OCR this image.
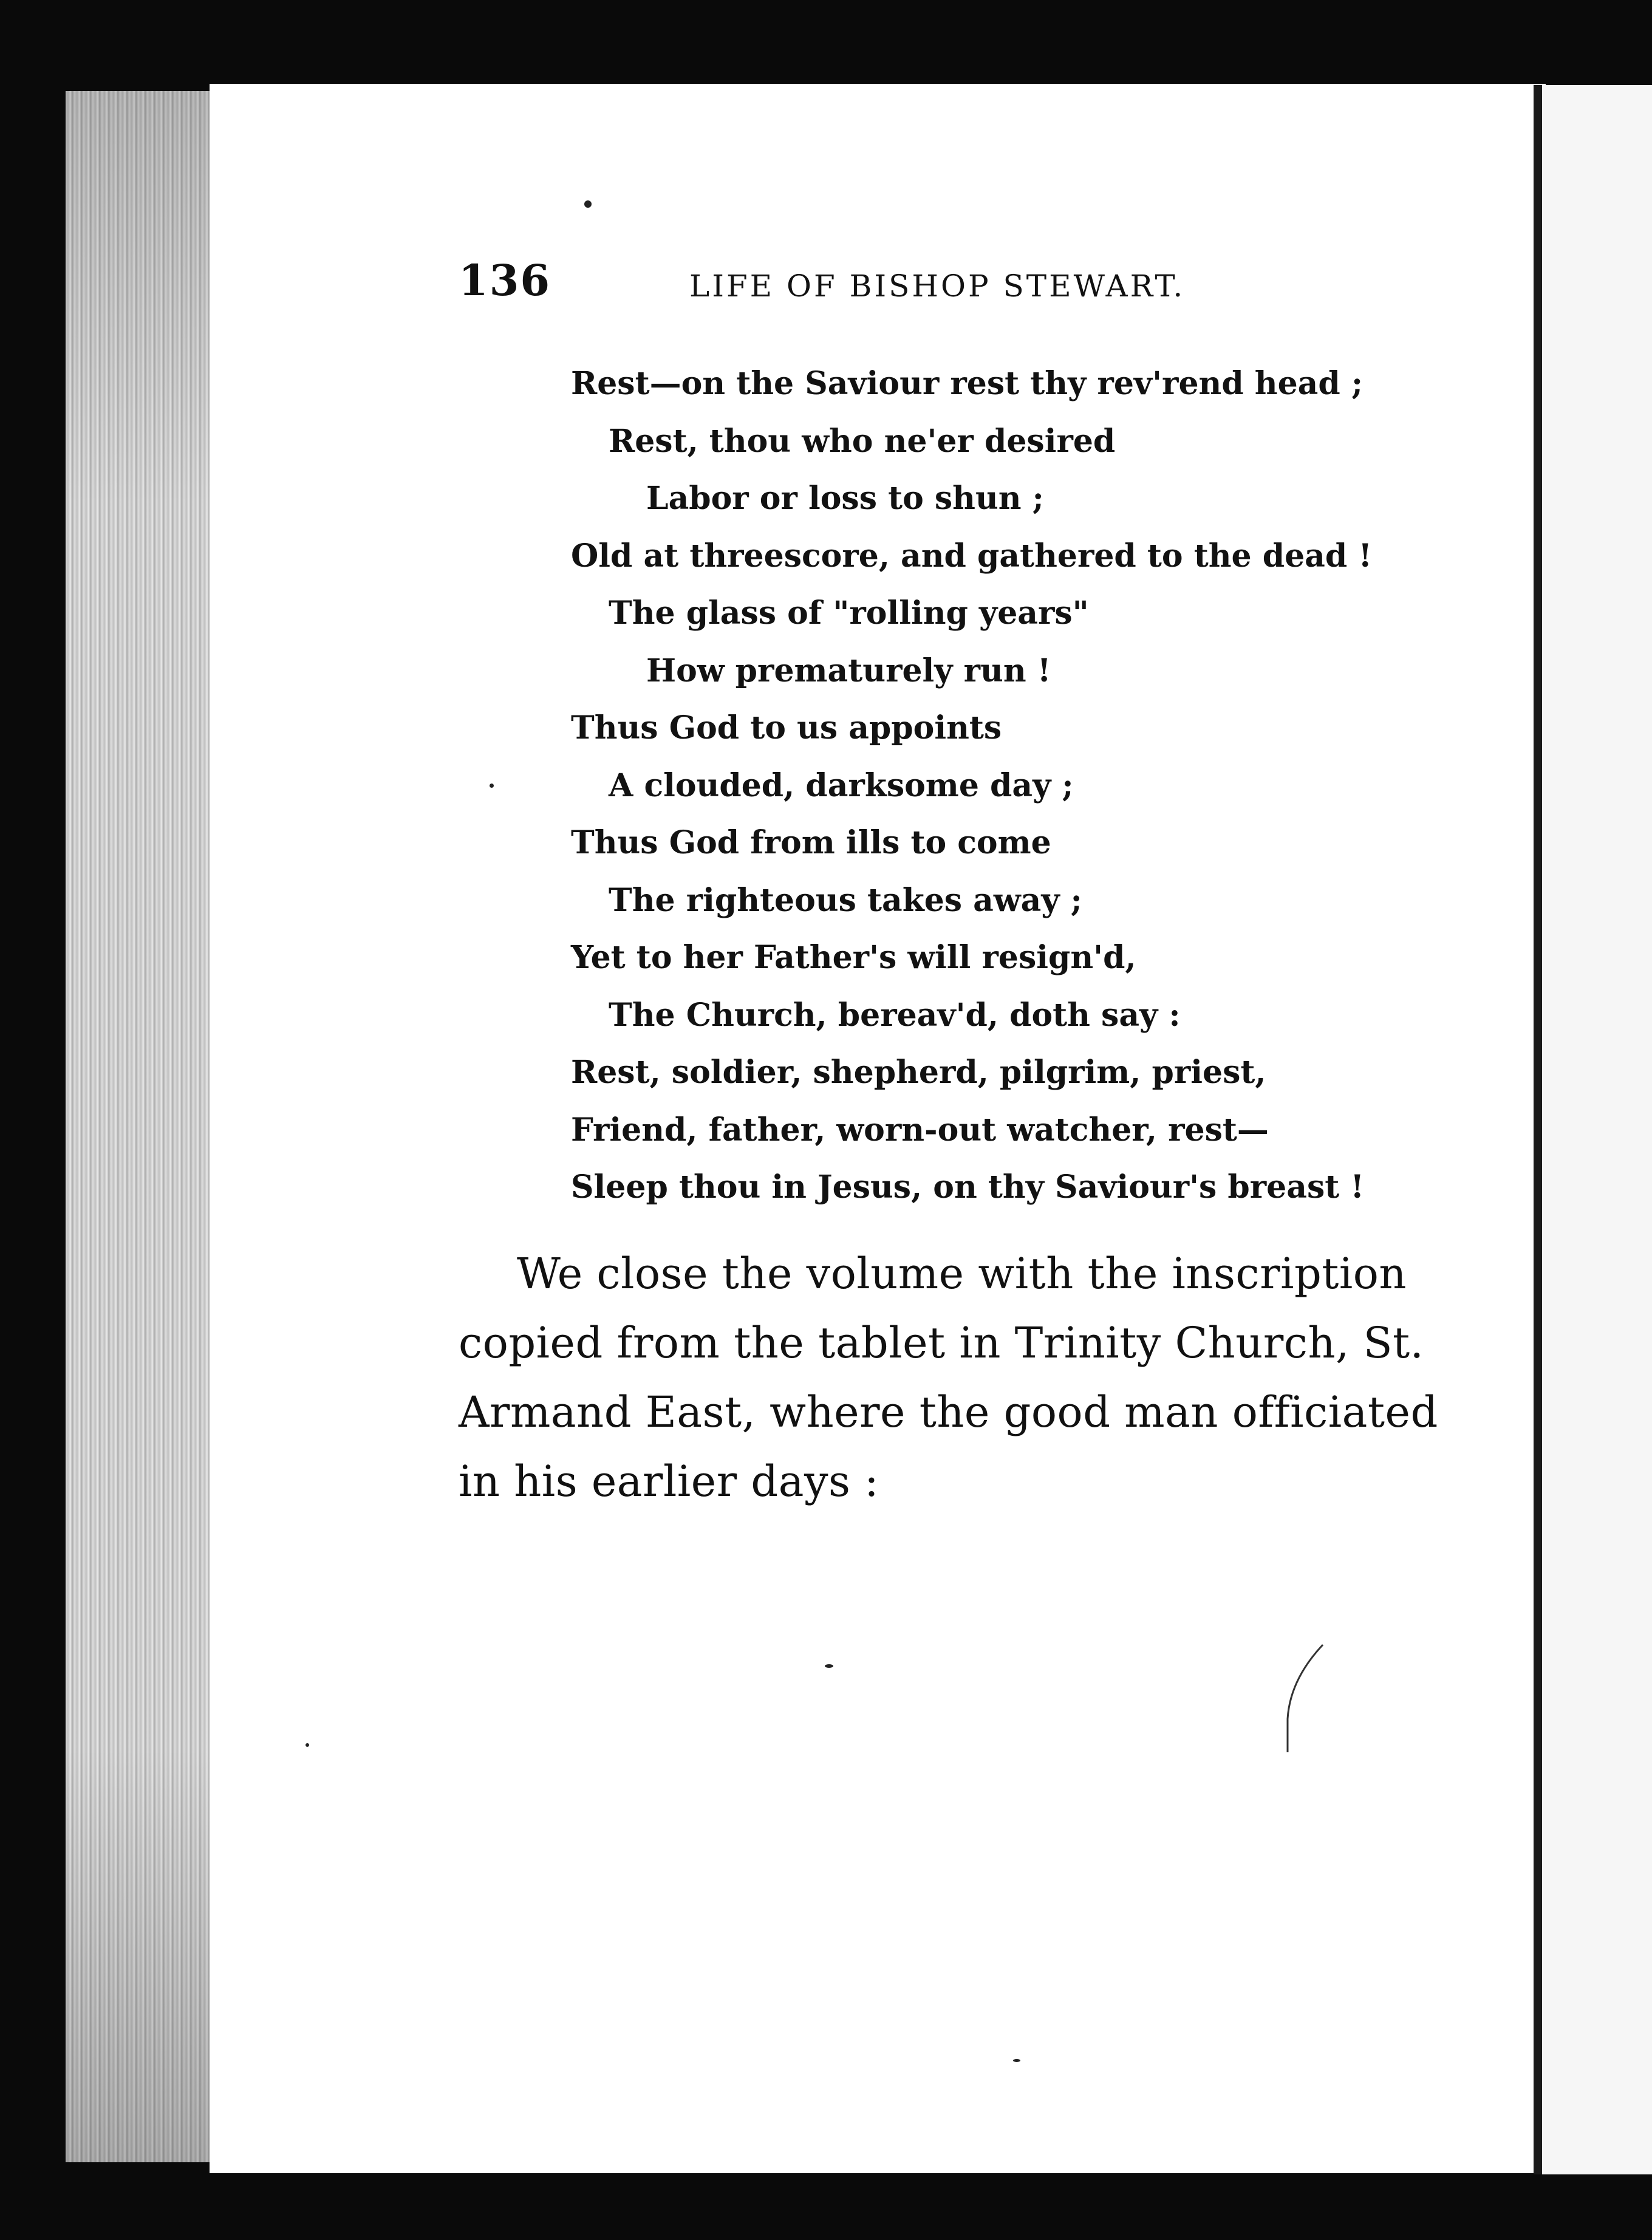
136	LIFE OF BISHOP STEWART.
Rest—on the Saviour rest thy rev'rend head ;
Rest, thou who ne'er desired
Labor or loss to shun ;
Old at threescore, and gathered to the dead !
The glass of "rolling years"
How prematurely run !
Thus God to us appoints
A clouded, darksome day ;
Thus God from ills to come
The righteous takes away ;
Yet to her Father's will resign'd,
The Church, bereav'd, doth say :
Rest, soldier, shepherd, pilgrim, priest,
Friend, father, worn-out watcher, rest—
Sleep thou in Jesus, on thy Saviour's breast !
We close the volume with the inscription
copied from the tablet in Trinity Church, St.
Armand East, where the good man officiated
in his earlier days :
